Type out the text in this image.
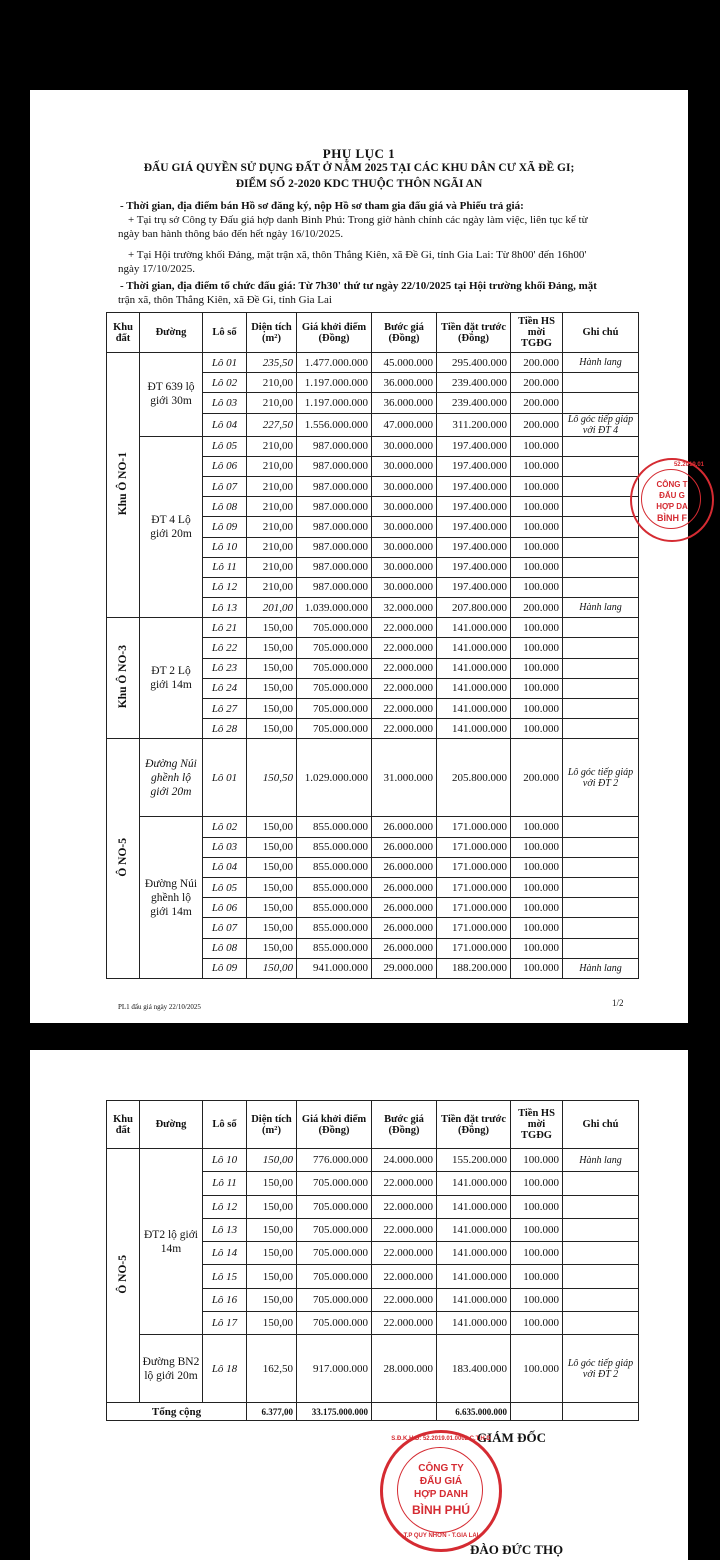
PHỤ LỤC 1
ĐẤU GIÁ QUYỀN SỬ DỤNG ĐẤT Ở NĂM 2025 TẠI CÁC KHU DÂN CƯ XÃ ĐỀ GI;
ĐIỂM SỐ 2-2020 KDC THUỘC THÔN NGÃI AN
- Thời gian, địa điểm bán Hồ sơ đăng ký, nộp Hồ sơ tham gia đấu giá và Phiếu trả giá:
+ Tại trụ sở Công ty Đấu giá hợp danh Bình Phú: Trong giờ hành chính các ngày làm việc, liên tục kể từ
ngày ban hành thông báo đến hết ngày 16/10/2025.
+ Tại Hội trường khối Đảng, mặt trận xã, thôn Thắng Kiên, xã Đề Gi, tỉnh Gia Lai: Từ 8h00' đến 16h00'
ngày 17/10/2025.
- Thời gian, địa điểm tổ chức đấu giá: Từ 7h30' thứ tư ngày 22/10/2025 tại Hội trường khối Đảng, mặt
trận xã, thôn Thắng Kiên, xã Đề Gi, tỉnh Gia Lai
Khu đất	Đường	Lô số	Diện tích (m²)	Giá khởi điểm (Đồng)	Bước giá (Đồng)	Tiền đặt trước (Đồng)	Tiền HS mời TGĐG	Ghi chú
Khu Ô NO-1	ĐT 639 lộ giới 30m	Lô 01	235,50	1.477.000.000	45.000.000	295.400.000	200.000	Hành lang
		Lô 02	210,00	1.197.000.000	36.000.000	239.400.000	200.000	
		Lô 03	210,00	1.197.000.000	36.000.000	239.400.000	200.000	
		Lô 04	227,50	1.556.000.000	47.000.000	311.200.000	200.000	Lô góc tiếp giáp với ĐT 4
	ĐT 4 Lộ giới 20m	Lô 05	210,00	987.000.000	30.000.000	197.400.000	100.000	
		Lô 06	210,00	987.000.000	30.000.000	197.400.000	100.000	
		Lô 07	210,00	987.000.000	30.000.000	197.400.000	100.000	
		Lô 08	210,00	987.000.000	30.000.000	197.400.000	100.000	
		Lô 09	210,00	987.000.000	30.000.000	197.400.000	100.000	
		Lô 10	210,00	987.000.000	30.000.000	197.400.000	100.000	
		Lô 11	210,00	987.000.000	30.000.000	197.400.000	100.000	
		Lô 12	210,00	987.000.000	30.000.000	197.400.000	100.000	
		Lô 13	201,00	1.039.000.000	32.000.000	207.800.000	200.000	Hành lang
Khu Ô NO-3	ĐT 2 Lộ giới 14m	Lô 21	150,00	705.000.000	22.000.000	141.000.000	100.000	
		Lô 22	150,00	705.000.000	22.000.000	141.000.000	100.000	
		Lô 23	150,00	705.000.000	22.000.000	141.000.000	100.000	
		Lô 24	150,00	705.000.000	22.000.000	141.000.000	100.000	
		Lô 27	150,00	705.000.000	22.000.000	141.000.000	100.000	
		Lô 28	150,00	705.000.000	22.000.000	141.000.000	100.000	
Ô NO-5	Đường Núi ghềnh lộ giới 20m	Lô 01	150,50	1.029.000.000	31.000.000	205.800.000	200.000	Lô góc tiếp giáp với ĐT 2
	Đường Núi ghềnh lộ giới 14m	Lô 02	150,00	855.000.000	26.000.000	171.000.000	100.000	
		Lô 03	150,00	855.000.000	26.000.000	171.000.000	100.000	
		Lô 04	150,00	855.000.000	26.000.000	171.000.000	100.000	
		Lô 05	150,00	855.000.000	26.000.000	171.000.000	100.000	
		Lô 06	150,00	855.000.000	26.000.000	171.000.000	100.000	
		Lô 07	150,00	855.000.000	26.000.000	171.000.000	100.000	
		Lô 08	150,00	855.000.000	26.000.000	171.000.000	100.000	
		Lô 09	150,00	941.000.000	29.000.000	188.200.000	100.000	Hành lang
PL1 đấu giá ngày 22/10/2025	1/2
52.2019.01
CÔNG T
ĐẤU G
HỢP DA
BÌNH F
Khu đất	Đường	Lô số	Diện tích (m²)	Giá khởi điểm (Đồng)	Bước giá (Đồng)	Tiền đặt trước (Đồng)	Tiền HS mời TGĐG	Ghi chú
Ô NO-5	ĐT2 lộ giới 14m	Lô 10	150,00	776.000.000	24.000.000	155.200.000	100.000	Hành lang
		Lô 11	150,00	705.000.000	22.000.000	141.000.000	100.000	
		Lô 12	150,00	705.000.000	22.000.000	141.000.000	100.000	
		Lô 13	150,00	705.000.000	22.000.000	141.000.000	100.000	
		Lô 14	150,00	705.000.000	22.000.000	141.000.000	100.000	
		Lô 15	150,00	705.000.000	22.000.000	141.000.000	100.000	
		Lô 16	150,00	705.000.000	22.000.000	141.000.000	100.000	
		Lô 17	150,00	705.000.000	22.000.000	141.000.000	100.000	
	Đường BN2 lộ giới 20m	Lô 18	162,50	917.000.000	28.000.000	183.400.000	100.000	Lô góc tiếp giáp với ĐT 2
Tổng cộng			6.377,00	33.175.000.000		6.635.000.000		
GIÁM ĐỐC
ĐÀO ĐỨC THỌ
S.Đ.K.H.Đ: 52.2019.01.0002.C.T.H.D
CÔNG TY
ĐẤU GIÁ
HỢP DANH
BÌNH PHÚ
T.P QUY NHƠN - T.GIA LAI
